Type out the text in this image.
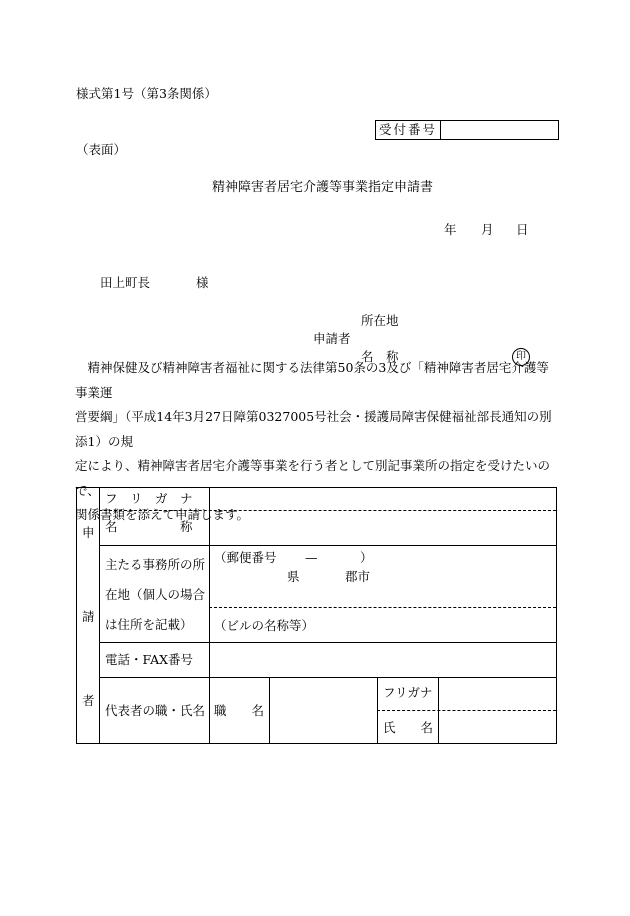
様式第1号（第3条関係）
受付番号
（表面）
精神障害者居宅介護等事業指定申請書
年 月 日
田上町長	様
所在地
申請者
名　称	印

　精神保健及び精神障害者福祉に関する法律第50条の3及び「精神障害者居宅介護等事業運

営要綱」（平成14年3月27日障第0327005号社会・援護局障害保健福祉部長通知の別添1）の規

定により、精神障害者居宅介護等事業を行う者として別記事業所の指定を受けたいので、

関係書類を添えて申請します。

申
請
者
フ　リ　ガ　ナ
名　　　　　称
主たる事務所の所
在地（個人の場合
は住所を記載）
（郵便番号 —	）
県	郡市
（ビルの名称等）
電話・FAX番号
代表者の職・氏名 職　　名
フリガナ
氏　　名
